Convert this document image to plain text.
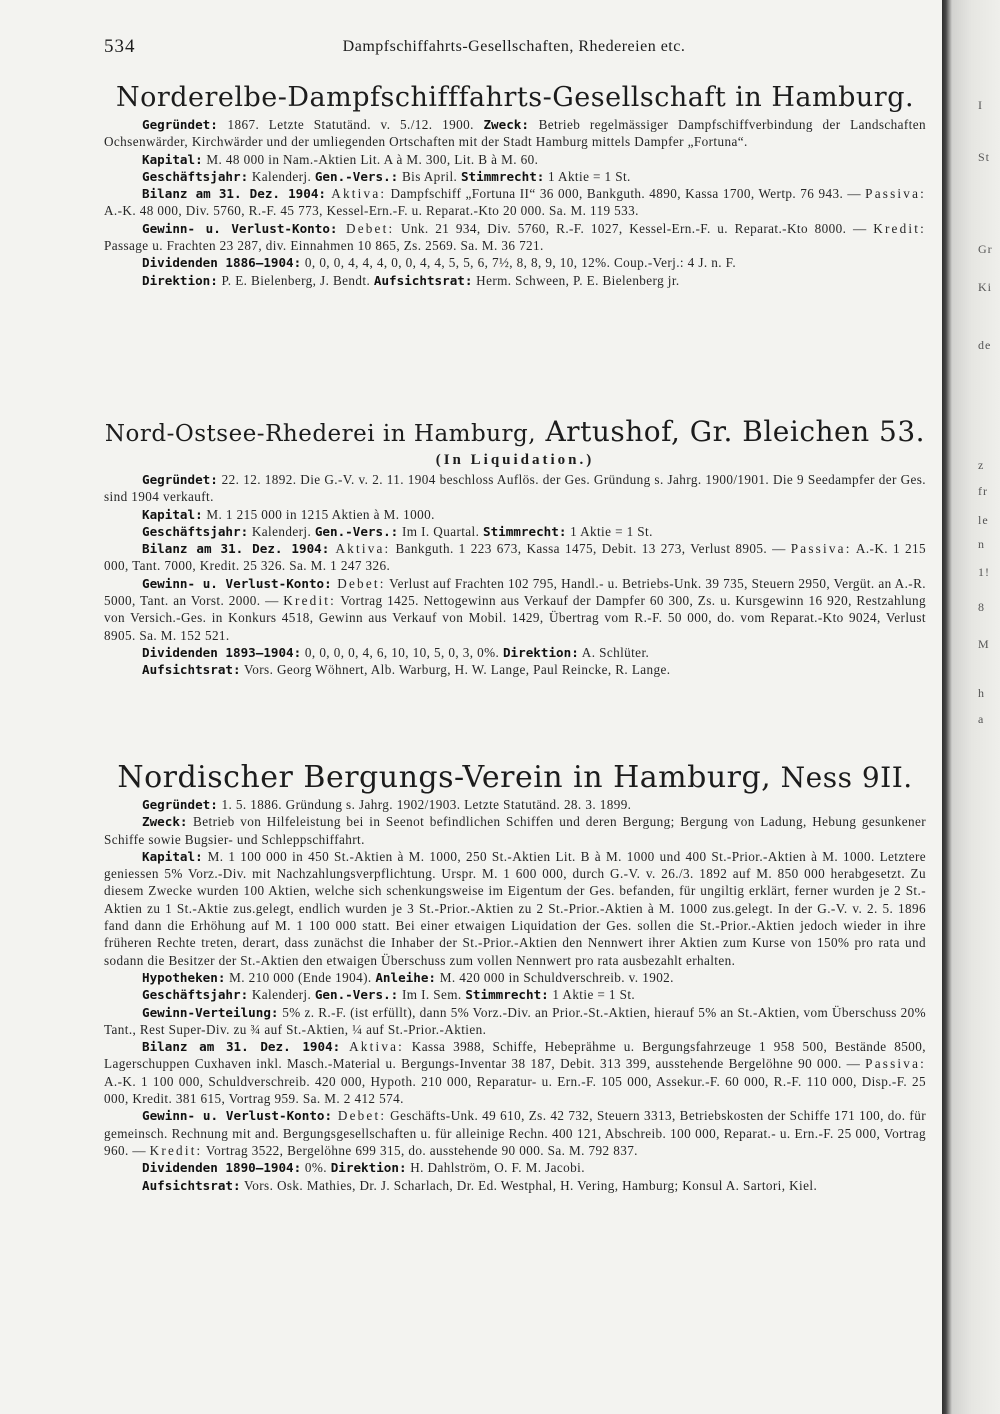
I
St
Gr
Ki
de
z
fr
le
n
1!
8
M
h
a
534	Dampfschiffahrts-Gesellschaften, Rhedereien etc.
Norderelbe-Dampfschifffahrts-Gesellschaft in Hamburg.

Gegründet: 1867. Letzte Statutänd. v. 5./12. 1900. Zweck: Betrieb regelmässiger Dampfschiffverbindung der Landschaften Ochsenwärder, Kirchwärder und der umliegenden Ortschaften mit der Stadt Hamburg mittels Dampfer „Fortuna“.

Kapital: M. 48 000 in Nam.-Aktien Lit. A à M. 300, Lit. B à M. 60.

Geschäftsjahr: Kalenderj. Gen.-Vers.: Bis April. Stimmrecht: 1 Aktie = 1 St.

Bilanz am 31. Dez. 1904: Aktiva: Dampfschiff „Fortuna II“ 36 000, Bankguth. 4890, Kassa 1700, Wertp. 76 943. — Passiva: A.-K. 48 000, Div. 5760, R.-F. 45 773, Kessel-Ern.-F. u. Reparat.-Kto 20 000. Sa. M. 119 533.

Gewinn- u. Verlust-Konto: Debet: Unk. 21 934, Div. 5760, R.-F. 1027, Kessel-Ern.-F. u. Reparat.-Kto 8000. — Kredit: Passage u. Frachten 23 287, div. Einnahmen 10 865, Zs. 2569. Sa. M. 36 721.

Dividenden 1886—1904: 0, 0, 0, 4, 4, 4, 0, 0, 4, 4, 5, 5, 6, 7½, 8, 8, 9, 10, 12%. Coup.-Verj.: 4 J. n. F.

Direktion: P. E. Bielenberg, J. Bendt. Aufsichtsrat: Herm. Schween, P. E. Bielenberg jr.

Nord-Ostsee-Rhederei in Hamburg, Artushof, Gr. Bleichen 53.
(In Liquidation.)

Gegründet: 22. 12. 1892. Die G.-V. v. 2. 11. 1904 beschloss Auflös. der Ges. Gründung s. Jahrg. 1900/1901. Die 9 Seedampfer der Ges. sind 1904 verkauft.

Kapital: M. 1 215 000 in 1215 Aktien à M. 1000.

Geschäftsjahr: Kalenderj. Gen.-Vers.: Im I. Quartal. Stimmrecht: 1 Aktie = 1 St.

Bilanz am 31. Dez. 1904: Aktiva: Bankguth. 1 223 673, Kassa 1475, Debit. 13 273, Verlust 8905. — Passiva: A.-K. 1 215 000, Tant. 7000, Kredit. 25 326. Sa. M. 1 247 326.

Gewinn- u. Verlust-Konto: Debet: Verlust auf Frachten 102 795, Handl.- u. Betriebs-Unk. 39 735, Steuern 2950, Vergüt. an A.-R. 5000, Tant. an Vorst. 2000. — Kredit: Vortrag 1425. Nettogewinn aus Verkauf der Dampfer 60 300, Zs. u. Kursgewinn 16 920, Restzahlung von Versich.-Ges. in Konkurs 4518, Gewinn aus Verkauf von Mobil. 1429, Übertrag vom R.-F. 50 000, do. vom Reparat.-Kto 9024, Verlust 8905. Sa. M. 152 521.

Dividenden 1893—1904: 0, 0, 0, 0, 4, 6, 10, 10, 5, 0, 3, 0%. Direktion: A. Schlüter.

Aufsichtsrat: Vors. Georg Wöhnert, Alb. Warburg, H. W. Lange, Paul Reincke, R. Lange.

Nordischer Bergungs-Verein in Hamburg, Ness 9II.

Gegründet: 1. 5. 1886. Gründung s. Jahrg. 1902/1903. Letzte Statutänd. 28. 3. 1899.

Zweck: Betrieb von Hilfeleistung bei in Seenot befindlichen Schiffen und deren Bergung; Bergung von Ladung, Hebung gesunkener Schiffe sowie Bugsier- und Schleppschiffahrt.

Kapital: M. 1 100 000 in 450 St.-Aktien à M. 1000, 250 St.-Aktien Lit. B à M. 1000 und 400 St.-Prior.-Aktien à M. 1000. Letztere geniessen 5% Vorz.-Div. mit Nachzahlungsverpflichtung. Urspr. M. 1 600 000, durch G.-V. v. 26./3. 1892 auf M. 850 000 herabgesetzt. Zu diesem Zwecke wurden 100 Aktien, welche sich schenkungsweise im Eigentum der Ges. befanden, für ungiltig erklärt, ferner wurden je 2 St.-Aktien zu 1 St.-Aktie zus.gelegt, endlich wurden je 3 St.-Prior.-Aktien zu 2 St.-Prior.-Aktien à M. 1000 zus.gelegt. In der G.-V. v. 2. 5. 1896 fand dann die Erhöhung auf M. 1 100 000 statt. Bei einer etwaigen Liquidation der Ges. sollen die St.-Prior.-Aktien jedoch wieder in ihre früheren Rechte treten, derart, dass zunächst die Inhaber der St.-Prior.-Aktien den Nennwert ihrer Aktien zum Kurse von 150% pro rata und sodann die Besitzer der St.-Aktien den etwaigen Überschuss zum vollen Nennwert pro rata ausbezahlt erhalten.

Hypotheken: M. 210 000 (Ende 1904). Anleihe: M. 420 000 in Schuldverschreib. v. 1902.

Geschäftsjahr: Kalenderj. Gen.-Vers.: Im I. Sem. Stimmrecht: 1 Aktie = 1 St.

Gewinn-Verteilung: 5% z. R.-F. (ist erfüllt), dann 5% Vorz.-Div. an Prior.-St.-Aktien, hierauf 5% an St.-Aktien, vom Überschuss 20% Tant., Rest Super-Div. zu ¾ auf St.-Aktien, ¼ auf St.-Prior.-Aktien.

Bilanz am 31. Dez. 1904: Aktiva: Kassa 3988, Schiffe, Hebeprähme u. Bergungsfahrzeuge 1 958 500, Bestände 8500, Lagerschuppen Cuxhaven inkl. Masch.-Material u. Bergungs-Inventar 38 187, Debit. 313 399, ausstehende Bergelöhne 90 000. — Passiva: A.-K. 1 100 000, Schuldverschreib. 420 000, Hypoth. 210 000, Reparatur- u. Ern.-F. 105 000, Assekur.-F. 60 000, R.-F. 110 000, Disp.-F. 25 000, Kredit. 381 615, Vortrag 959. Sa. M. 2 412 574.

Gewinn- u. Verlust-Konto: Debet: Geschäfts-Unk. 49 610, Zs. 42 732, Steuern 3313, Betriebskosten der Schiffe 171 100, do. für gemeinsch. Rechnung mit and. Bergungsgesellschaften u. für alleinige Rechn. 400 121, Abschreib. 100 000, Reparat.- u. Ern.-F. 25 000, Vortrag 960. — Kredit: Vortrag 3522, Bergelöhne 699 315, do. ausstehende 90 000. Sa. M. 792 837.

Dividenden 1890—1904: 0%. Direktion: H. Dahlström, O. F. M. Jacobi.

Aufsichtsrat: Vors. Osk. Mathies, Dr. J. Scharlach, Dr. Ed. Westphal, H. Vering, Hamburg; Konsul A. Sartori, Kiel.
